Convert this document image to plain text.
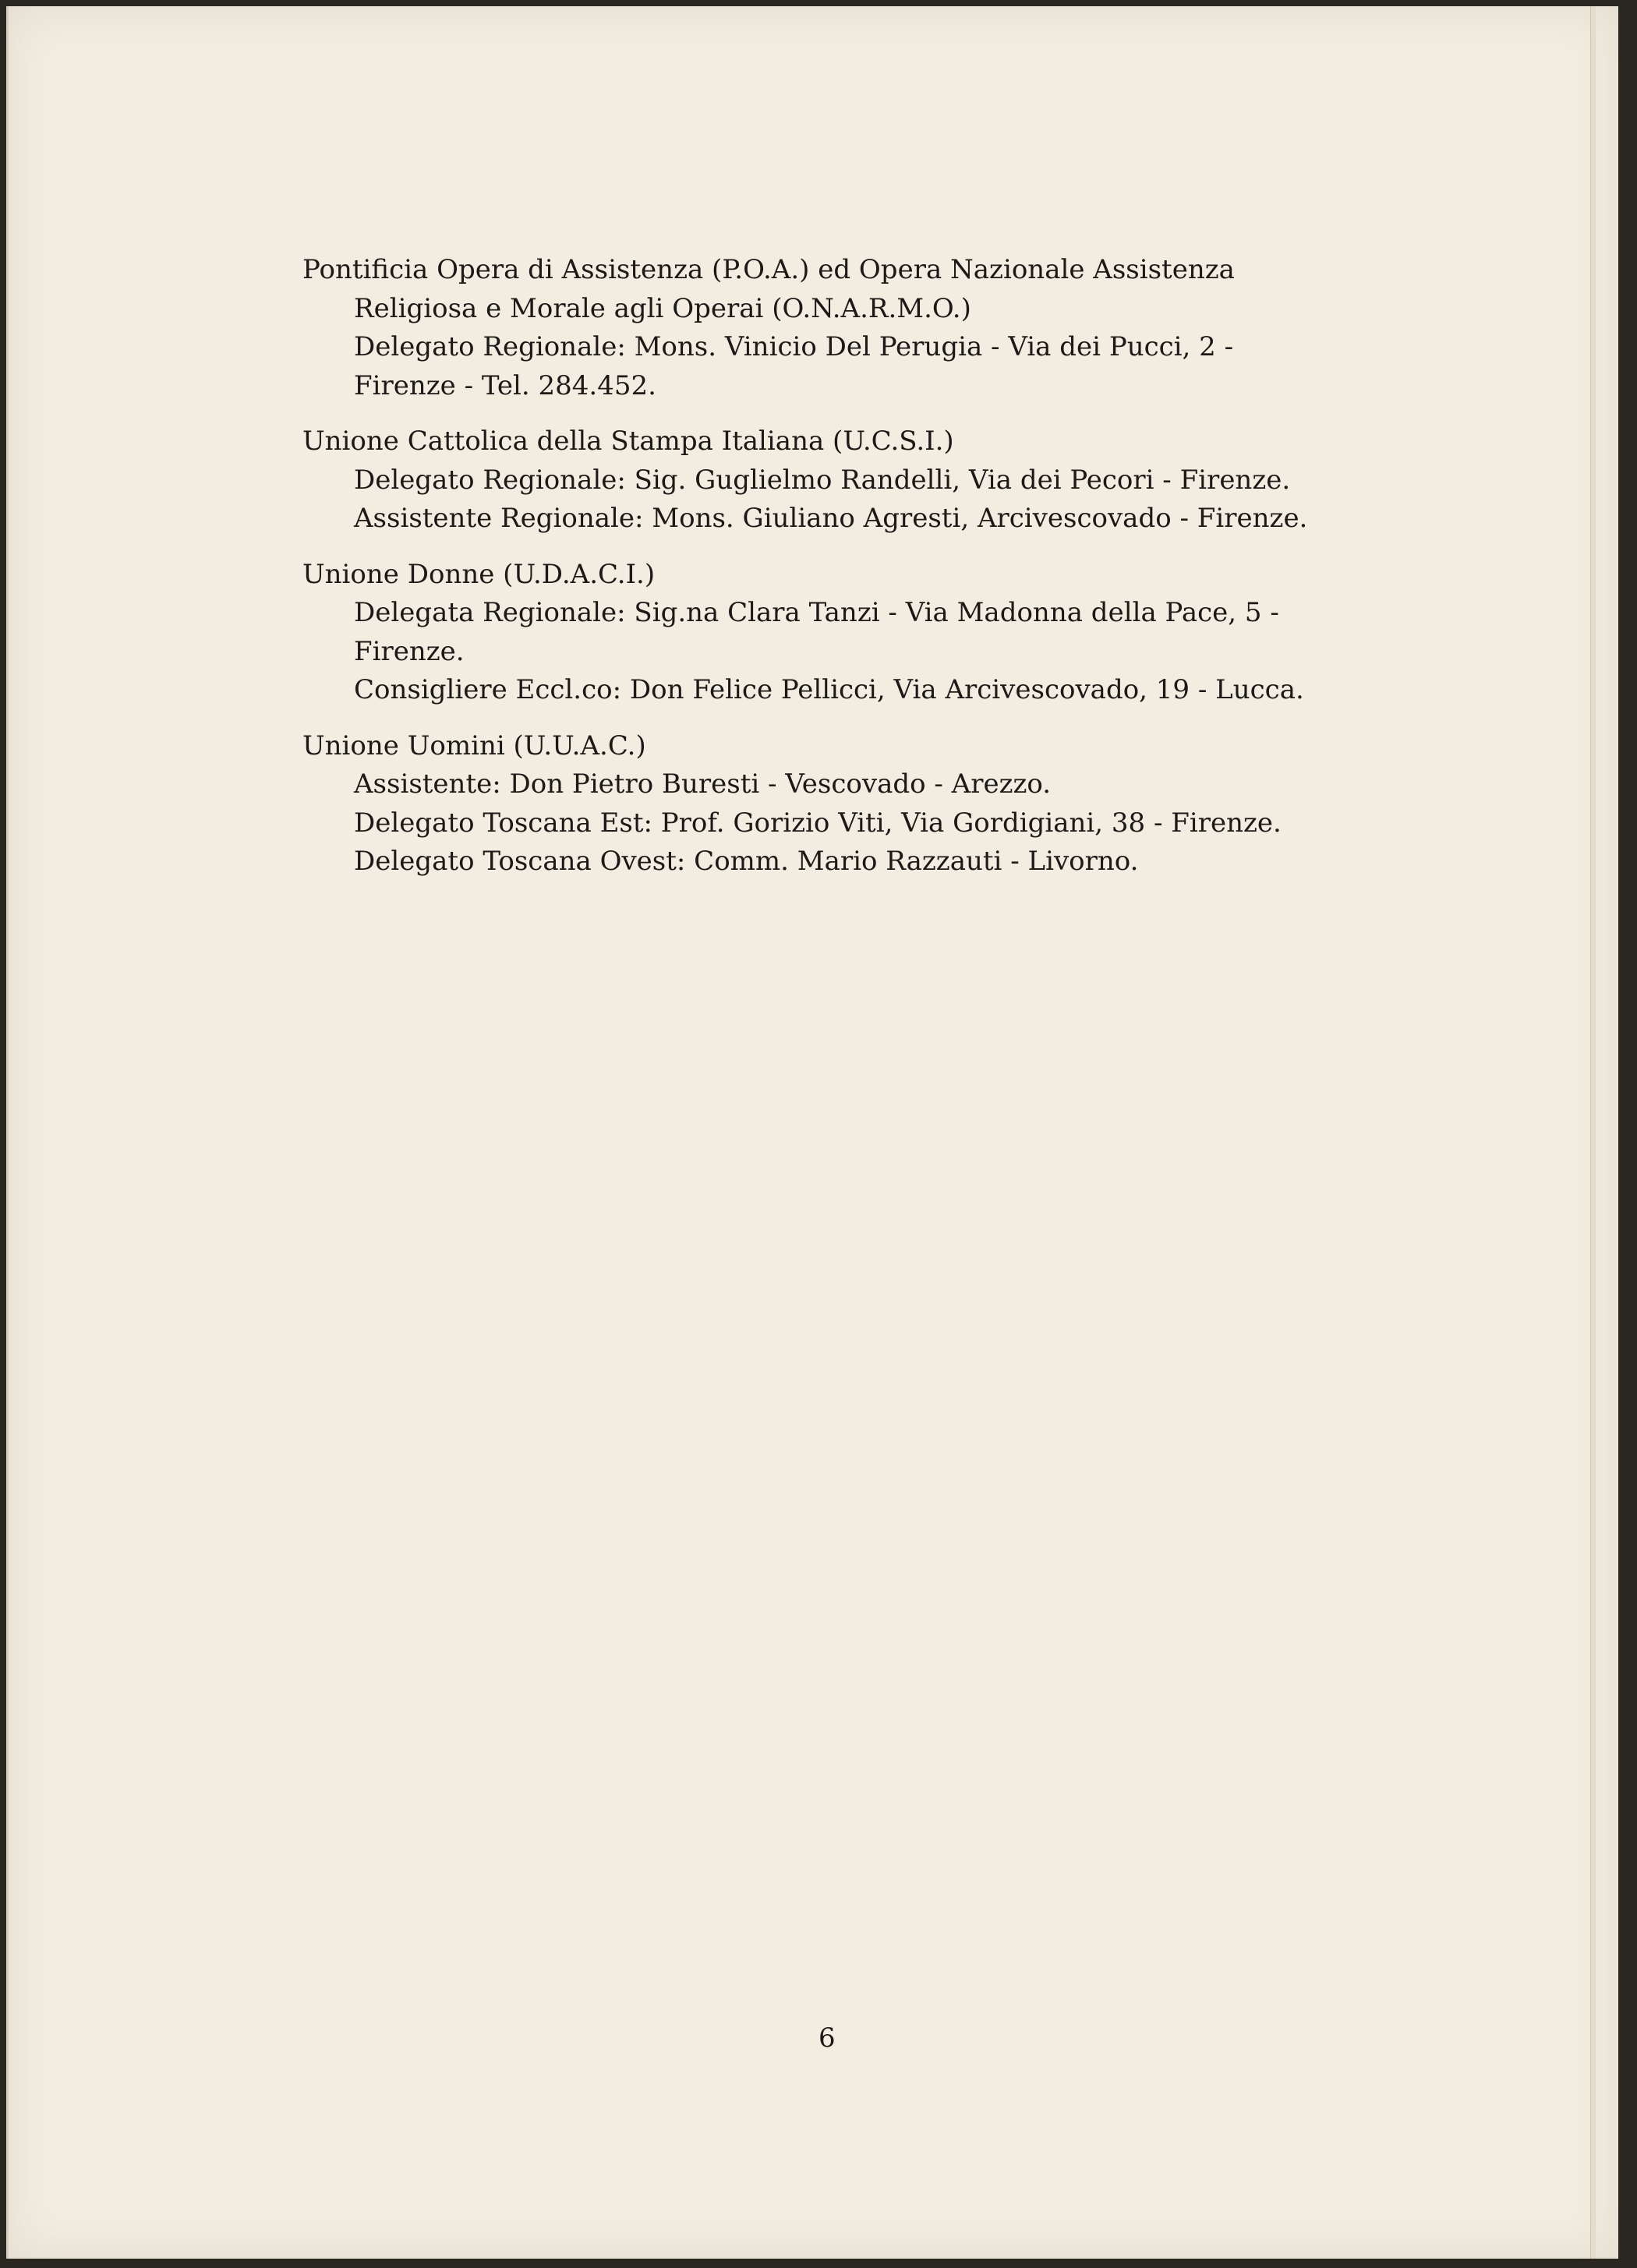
Pontificia Opera di Assistenza (P.O.A.) ed Opera Nazionale Assistenza

Religiosa e Morale agli Operai (O.N.A.R.M.O.)

Delegato Regionale: Mons. Vinicio Del Perugia - Via dei Pucci, 2 -

Firenze - Tel. 284.452.

Unione Cattolica della Stampa Italiana (U.C.S.I.)

Delegato Regionale: Sig. Guglielmo Randelli, Via dei Pecori - Firenze.

Assistente Regionale: Mons. Giuliano Agresti, Arcivescovado - Firenze.

Unione Donne (U.D.A.C.I.)

Delegata Regionale: Sig.na Clara Tanzi - Via Madonna della Pace, 5 -

Firenze.

Consigliere Eccl.co: Don Felice Pellicci, Via Arcivescovado, 19 - Lucca.

Unione Uomini (U.U.A.C.)

Assistente: Don Pietro Buresti - Vescovado - Arezzo.

Delegato Toscana Est: Prof. Gorizio Viti, Via Gordigiani, 38 - Firenze.

Delegato Toscana Ovest: Comm. Mario Razzauti - Livorno.

6
